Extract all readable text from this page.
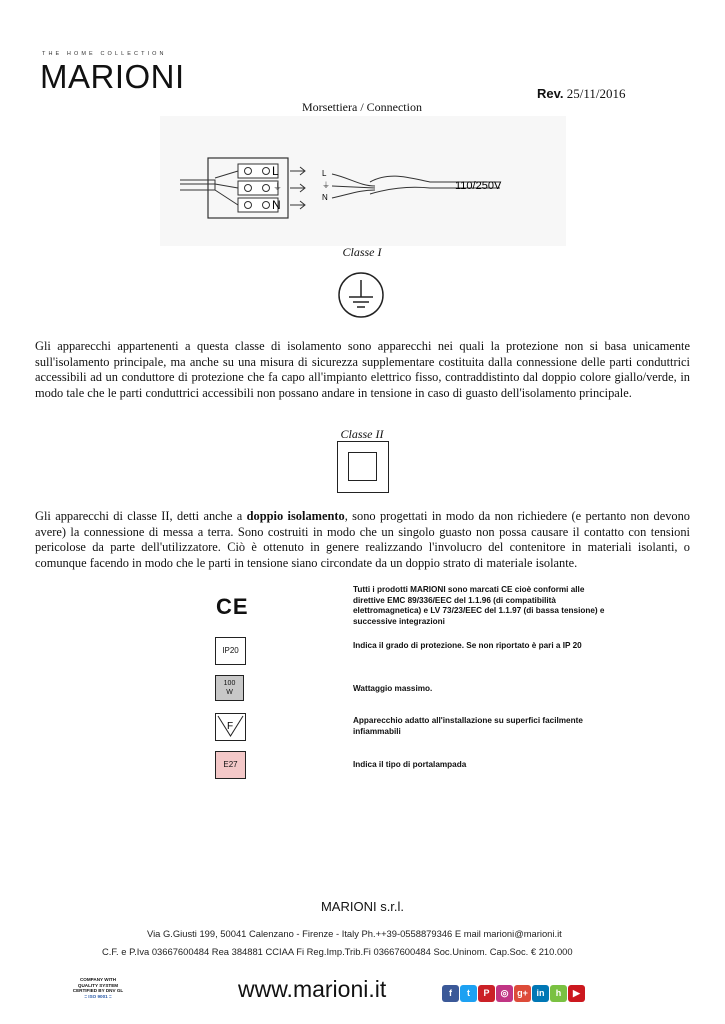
THE HOME COLLECTION
MARIONI	Rev. 25/11/2016
Morsettiera / Connection
L
⏚
N
L
⏚
N
110/250V
Classe I
Gli apparecchi appartenenti a questa classe di isolamento sono apparecchi nei quali la protezione non si basa unicamente sull'isolamento principale, ma anche su una misura di sicurezza supplementare costituita dalla connessione delle parti conduttrici accessibili ad un conduttore di protezione che fa capo all'impianto elettrico fisso, contraddistinto dal doppio colore giallo/verde, in modo tale che le parti conduttrici accessibili non possano andare in tensione in caso di guasto dell'isolamento principale.
Classe II
Gli apparecchi di classe II, detti anche a doppio isolamento, sono progettati in modo da non richiedere (e pertanto non devono avere) la connessione di messa a terra. Sono costruiti in modo che un singolo guasto non possa causare il contatto con tensioni pericolose da parte dell'utilizzatore. Ciò è ottenuto in genere realizzando l'involucro del contenitore in materiali isolanti, o comunque facendo in modo che le parti in tensione siano circondate da un doppio strato di materiale isolante.
CE
Tutti i prodotti MARIONI sono marcati CE cioè conformi alle direttive EMC 89/336/EEC del 1.1.96 (di compatibilità elettromagnetica) e LV 73/23/EEC del 1.1.97 (di bassa tensione) e successive integrazioni
IP20
Indica il grado di protezione. Se non riportato è pari a IP 20
100
W	Wattaggio massimo.
F
Apparecchio adatto all'installazione su superfici facilmente infiammabili
E27	Indica il tipo di portalampada
MARIONI s.r.l.
Via G.Giusti 199, 50041 Calenzano - Firenze - Italy Ph.++39-0558879346 E mail marioni@marioni.it
C.F. e P.Iva 03667600484 Rea 384881 CCIAA Fi Reg.Imp.Trib.Fi 03667600484 Soc.Uninom. Cap.Soc. € 210.000
COMPANY WITH
QUALITY SYSTEM
CERTIFIED BY DNV GL
= ISO 9001 =	www.marioni.it	f t P ◎ g+ in h ▶
